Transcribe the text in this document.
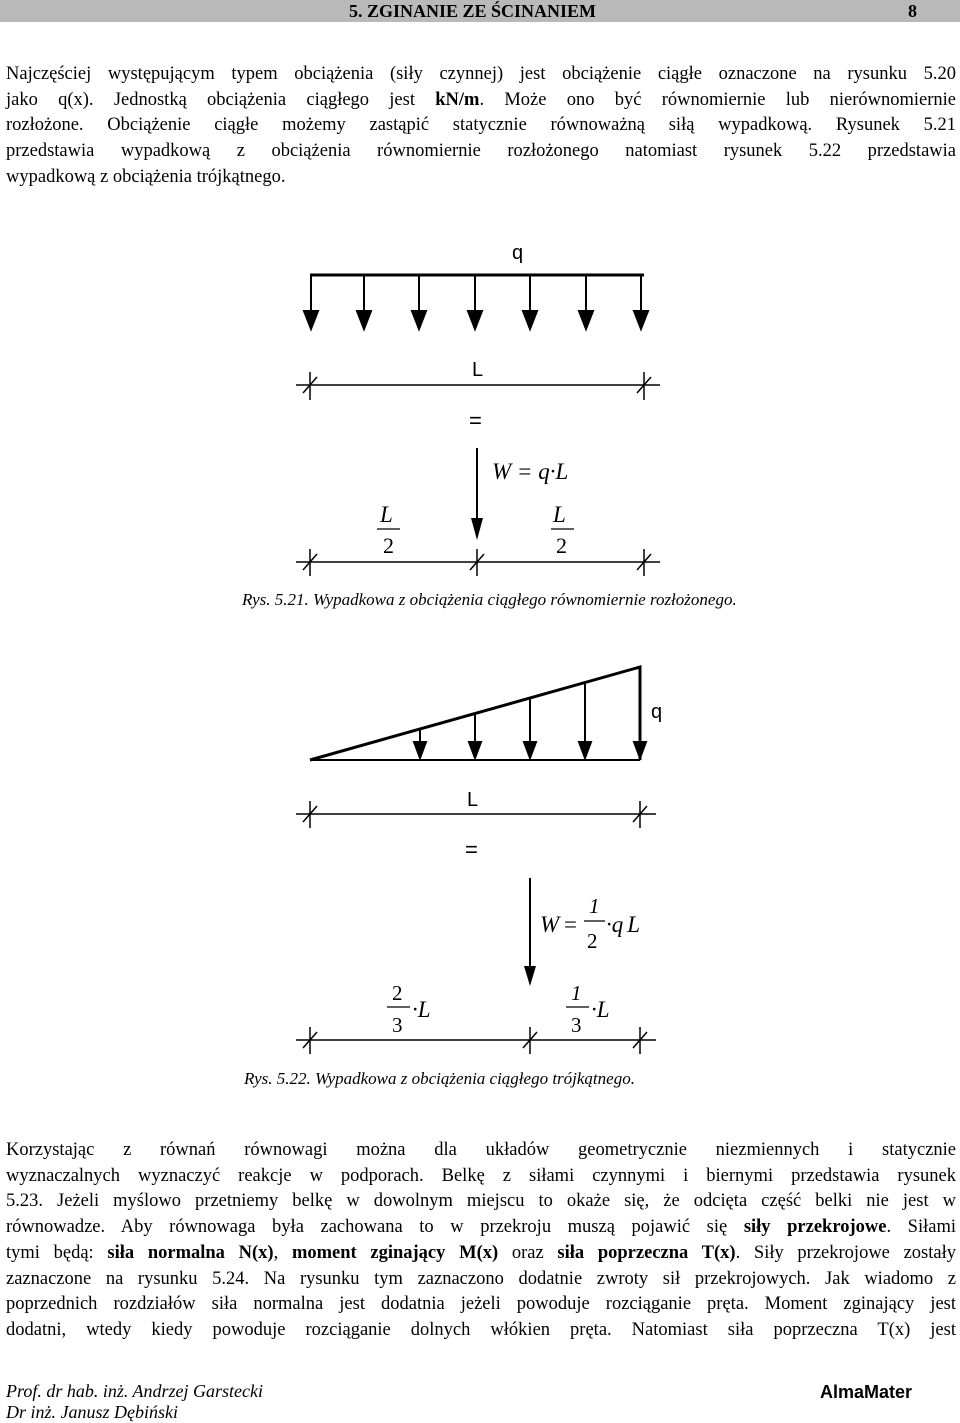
5. ZGINANIE ZE ŚCINANIEM	8
Najczęściej występującym typem obciążenia (siły czynnej) jest obciążenie ciągłe oznaczone na rysunku 5.20
jako q(x). Jednostką obciążenia ciągłego jest kN/m. Może ono być równomiernie lub nierównomiernie
rozłożone. Obciążenie ciągłe możemy zastąpić statycznie równoważną siłą wypadkową. Rysunek 5.21
przedstawia wypadkową z obciążenia równomiernie rozłożonego natomiast rysunek 5.22 przedstawia
wypadkową z obciążenia trójkątnego.
q
L
=
W = q·L
L
2
L
2
q
L
=
W =
1
2
·q L
2
3
·L
1
3
·L
Rys. 5.21. Wypadkowa z obciążenia ciągłego równomiernie rozłożonego.
Rys. 5.22. Wypadkowa z obciążenia ciągłego trójkątnego.
Korzystając z równań równowagi można dla układów geometrycznie niezmiennych i statycznie
wyznaczalnych wyznaczyć reakcje w podporach. Belkę z siłami czynnymi i biernymi przedstawia rysunek
5.23. Jeżeli myślowo przetniemy belkę w dowolnym miejscu to okaże się, że odcięta część belki nie jest w
równowadze. Aby równowaga była zachowana to w przekroju muszą pojawić się siły przekrojowe. Siłami
tymi będą: siła normalna N(x), moment zginający M(x) oraz siła poprzeczna T(x). Siły przekrojowe zostały
zaznaczone na rysunku 5.24. Na rysunku tym zaznaczono dodatnie zwroty sił przekrojowych. Jak wiadomo z
poprzednich rozdziałów siła normalna jest dodatnia jeżeli powoduje rozciąganie pręta. Moment zginający jest
dodatni, wtedy kiedy powoduje rozciąganie dolnych włókien pręta. Natomiast siła poprzeczna T(x) jest
Prof. dr hab. inż. Andrzej Garstecki
Dr inż. Janusz Dębiński
AlmaMater
